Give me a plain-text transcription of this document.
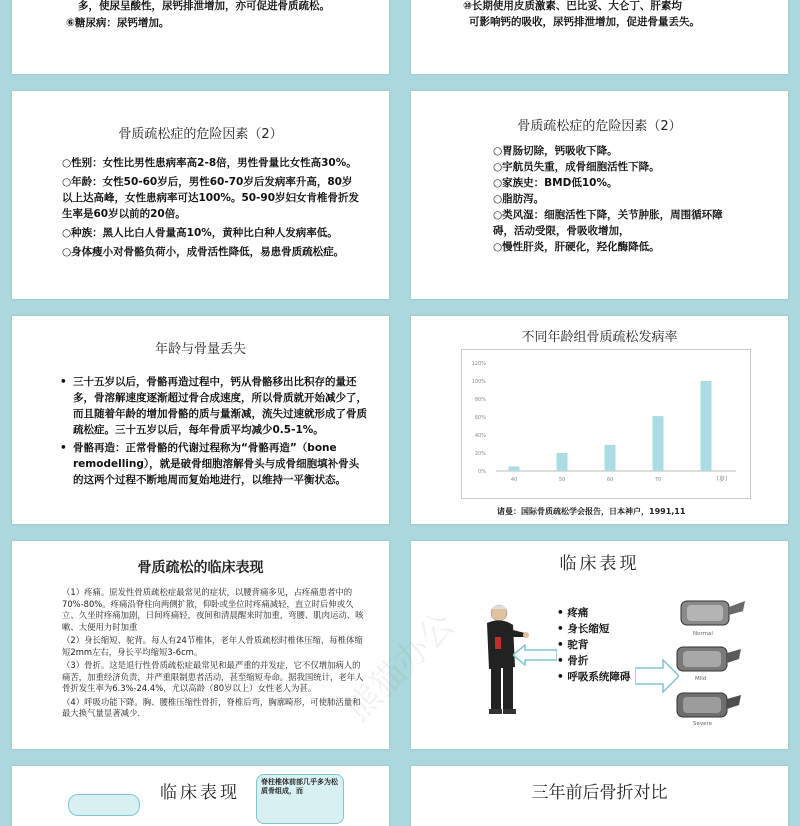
多，使尿呈酸性，尿钙排泄增加，亦可促进骨质疏松。
⑥糖尿病：尿钙增加。
⑩长期使用皮质激素、巴比妥、大仑丁、肝素均
可影响钙的吸收，尿钙排泄增加，促进骨量丢失。
骨质疏松症的危险因素（2）
○性别：女性比男性患病率高2-8倍，男性骨量比女性高30%。
○年龄：女性50-60岁后，男性60-70岁后发病率升高，80岁以上达高峰，女性患病率可达100%。50-90岁妇女肯椎骨折发生率是60岁以前的20倍。
○种族：黑人比白人骨量高10%，黄种比白种人发病率低。
○身体瘦小对骨骼负荷小，成骨活性降低，易患骨质疏松症。
骨质疏松症的危险因素（2）
○胃肠切除，钙吸收下降。
○宇航员失重，成骨细胞活性下降。
○家族史：BMD低10%。
○脂肪泻。
○类风湿：细胞活性下降，关节肿胀，周围循环障碍，活动受限，骨吸收增加，
○慢性肝炎，肝硬化，羟化酶降低。
年龄与骨量丢失
• 三十五岁以后，骨骼再造过程中，钙从骨骼移出比积存的量还多，骨溶解速度逐渐超过骨合成速度，所以骨质就开始减少了，而且随着年龄的增加骨骼的质与量渐减，流失过速就形成了骨质疏松症。三十五岁以后，每年骨质平均减少0.5-1%。
• 骨骼再造：正常骨骼的代谢过程称为“骨骼再造”（bone remodelling），就是破骨细胞溶解骨头与成骨细胞填补骨头的这两个过程不断地周而复始地进行，以维持一平衡状态。
不同年龄组骨质疏松发病率
0%
20%
40%
60%
80%
100%
120%
40	50	60	70	（岁）
诸曼：国际骨质疏松学会报告，日本神户，1991,11
骨质疏松的临床表现

（1）疼痛。原发性骨质疏松症最常见的症状，以腰背痛多见，占疼痛患者中的70%-80%。疼痛沿脊柱向两侧扩散，仰卧或坐位时疼痛减轻，直立时后伸或久立、久坐时疼痛加剧，日间疼痛轻，夜间和清晨醒来时加重，弯腰、肌肉运动、咳嗽、大便用力时加重

（2）身长缩短、驼背。每人有24节椎体，老年人骨质疏松时椎体压缩，每椎体缩短2mm左右，身长平均缩短3-6cm。

（3）骨折。这是退行性骨质疏松症最常见和最严重的并发症，它不仅增加病人的痛苦，加重经济负责，并严重限制患者活动，甚至缩短寿命。据我国统计，老年人骨折发生率为6.3%-24.4%，尤以高龄（80岁以上）女性老人为甚。

（4）呼吸功能下降。胸、腰椎压缩性骨折，脊椎后弯，胸廓畸形，可使肺活量和最大换气量显著减少.

临床表现
• 疼痛
• 身长缩短
• 驼背
• 骨折
• 呼吸系统障碍
Normal
Mild
Severe
临床表现
脊柱椎体前部几乎多为松质骨组成，而	三年前后骨折对比
熊猫办公
